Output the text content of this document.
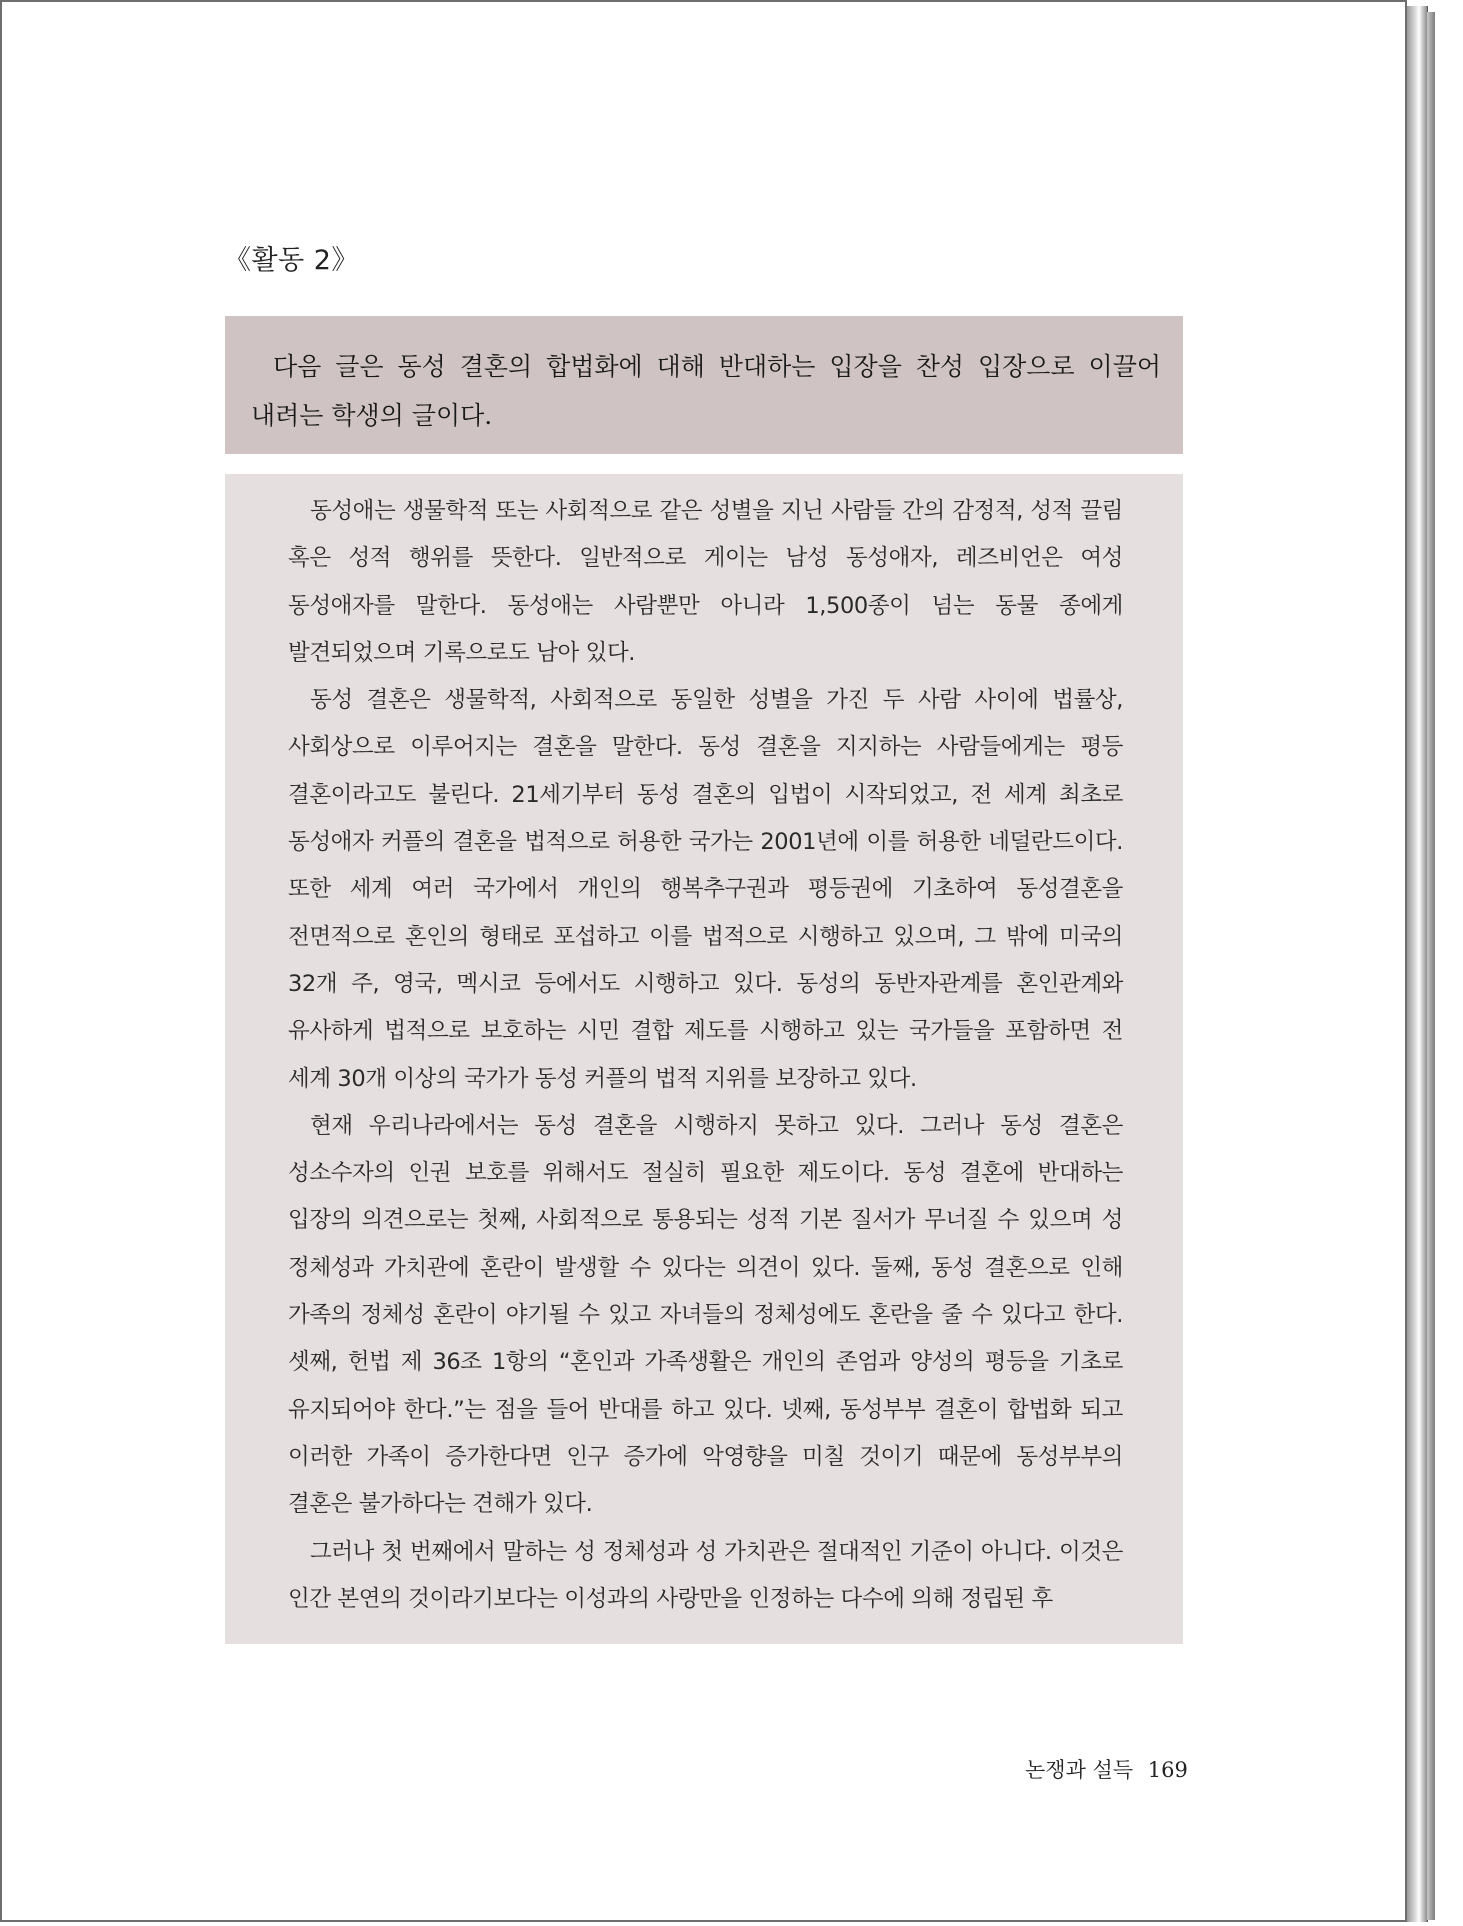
《활동 2》

다음 글은 동성 결혼의 합법화에 대해 반대하는 입장을 찬성 입장으로 이끌어 내려는 학생의 글이다.

동성애는 생물학적 또는 사회적으로 같은 성별을 지닌 사람들 간의 감정적, 성적 끌림 혹은 성적 행위를 뜻한다. 일반적으로 게이는 남성 동성애자, 레즈비언은 여성 동성애자를 말한다. 동성애는 사람뿐만 아니라 1,500종이 넘는 동물 종에게 발견되었으며 기록으로도 남아 있다.

동성 결혼은 생물학적, 사회적으로 동일한 성별을 가진 두 사람 사이에 법률상, 사회상으로 이루어지는 결혼을 말한다. 동성 결혼을 지지하는 사람들에게는 평등 결혼이라고도 불린다. 21세기부터 동성 결혼의 입법이 시작되었고, 전 세계 최초로 동성애자 커플의 결혼을 법적으로 허용한 국가는 2001년에 이를 허용한 네덜란드이다. 또한 세계 여러 국가에서 개인의 행복추구권과 평등권에 기초하여 동성결혼을 전면적으로 혼인의 형태로 포섭하고 이를 법적으로 시행하고 있으며, 그 밖에 미국의 32개 주, 영국, 멕시코 등에서도 시행하고 있다. 동성의 동반자관계를 혼인관계와 유사하게 법적으로 보호하는 시민 결합 제도를 시행하고 있는 국가들을 포함하면 전 세계 30개 이상의 국가가 동성 커플의 법적 지위를 보장하고 있다.

현재 우리나라에서는 동성 결혼을 시행하지 못하고 있다. 그러나 동성 결혼은 성소수자의 인권 보호를 위해서도 절실히 필요한 제도이다. 동성 결혼에 반대하는 입장의 의견으로는 첫째, 사회적으로 통용되는 성적 기본 질서가 무너질 수 있으며 성 정체성과 가치관에 혼란이 발생할 수 있다는 의견이 있다. 둘째, 동성 결혼으로 인해 가족의 정체성 혼란이 야기될 수 있고 자녀들의 정체성에도 혼란을 줄 수 있다고 한다. 셋째, 헌법 제 36조 1항의 “혼인과 가족생활은 개인의 존엄과 양성의 평등을 기초로 유지되어야 한다.”는 점을 들어 반대를 하고 있다. 넷째, 동성부부 결혼이 합법화 되고 이러한 가족이 증가한다면 인구 증가에 악영향을 미칠 것이기 때문에 동성부부의 결혼은 불가하다는 견해가 있다.

그러나 첫 번째에서 말하는 성 정체성과 성 가치관은 절대적인 기준이 아니다. 이것은 인간 본연의 것이라기보다는 이성과의 사랑만을 인정하는 다수에 의해 정립된 후

논쟁과 설득 169
